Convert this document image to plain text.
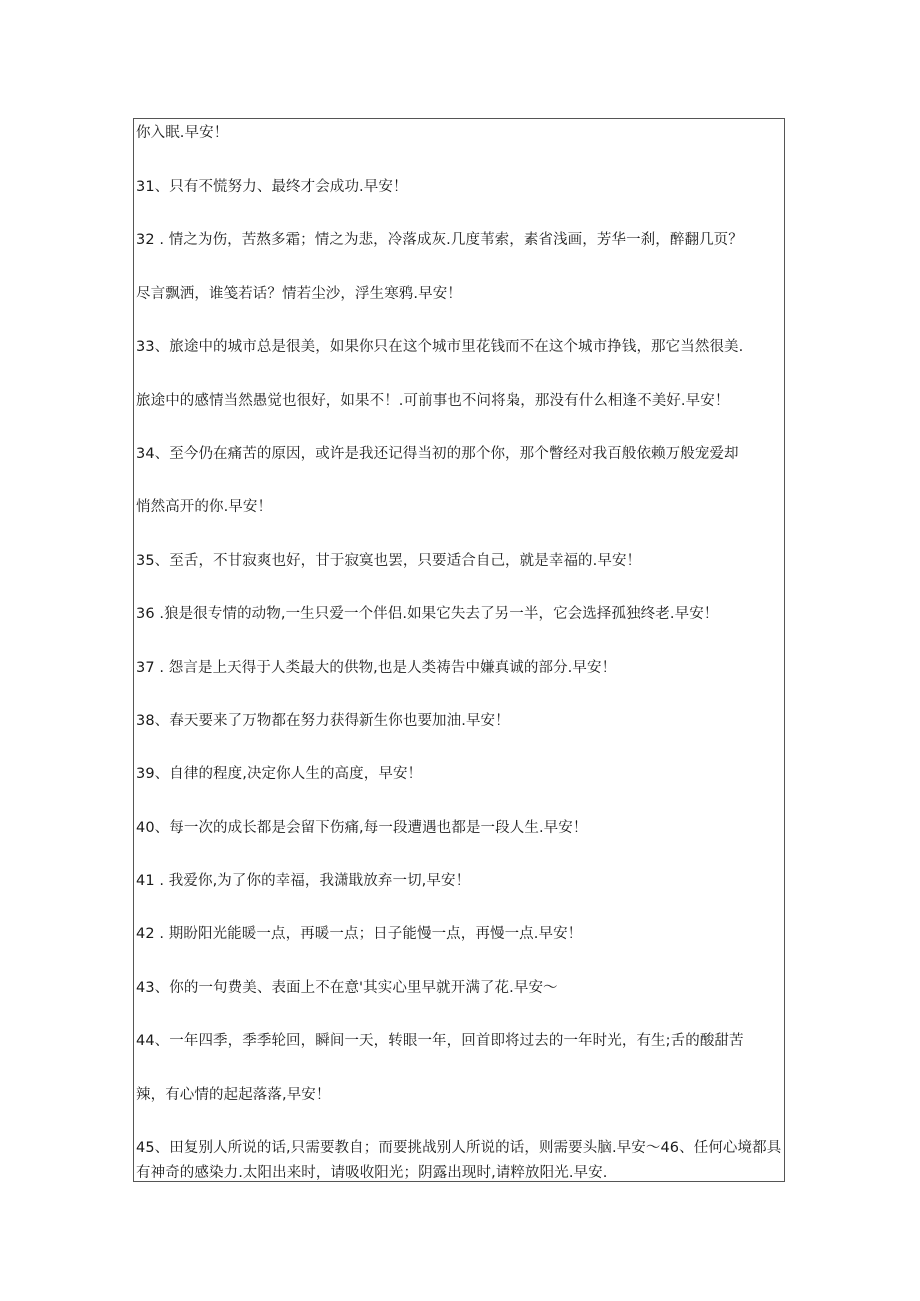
你入眠.早安！
31、只有不慌努力、最终才会成功.早安！
32 . 情之为伤，苦熬多霜；情之为悲，冷落成灰.几度苇索，素省浅画，芳华一刹，醉翻几页？
尽言飘洒，谁笺若话？情若尘沙，浮生寒鸦.早安！
33、旅途中的城市总是很美，如果你只在这个城市里花钱而不在这个城市挣钱，那它当然很美.
旅途中的感情当然愚觉也很好，如果不！.可前事也不问将枭，那没有什么相逢不美好.早安！
34、至今仍在痛苦的原因，或许是我还记得当初的那个你，那个瞥经对我百般依赖万般宠爱却
悄然高开的你.早安！
35、至舌，不甘寂爽也好，甘于寂寞也罢，只要适合自己，就是幸福的.早安！
36 .狼是很专情的动物,一生只爱一个伴侣.如果它失去了另一半，它会选择孤独终老.早安！
37 . 怨言是上天得于人类最大的供物,也是人类祷告中嫌真诚的部分.早安！
38、春天要来了万物都在努力获得新生你也要加油.早安！
39、自律的程度,决定你人生的高度，早安！
40、每一次的成长都是会留下伤痛,每一段遭遇也都是一段人生.早安！
41 . 我爱你,为了你的幸福，我潇戢放弃一切,早安！
42 . 期盼阳光能暖一点，再暖一点；日子能慢一点，再慢一点.早安！
43、你的一句费美、表面上不在意'其实心里早就开满了花.早安〜
44、一年四季，季季轮回，瞬间一天，转眼一年，回首即将过去的一年时光，有生;舌的酸甜苦
辣，有心情的起起落落,早安！
45、田复别人所说的话,只需要教自；而要挑战别人所说的话，则需要头脑.早安〜46、任何心境都具
有神奇的感染力.太阳出来时，请吸收阳光；阴露出现时,请粹放阳光.早安.
